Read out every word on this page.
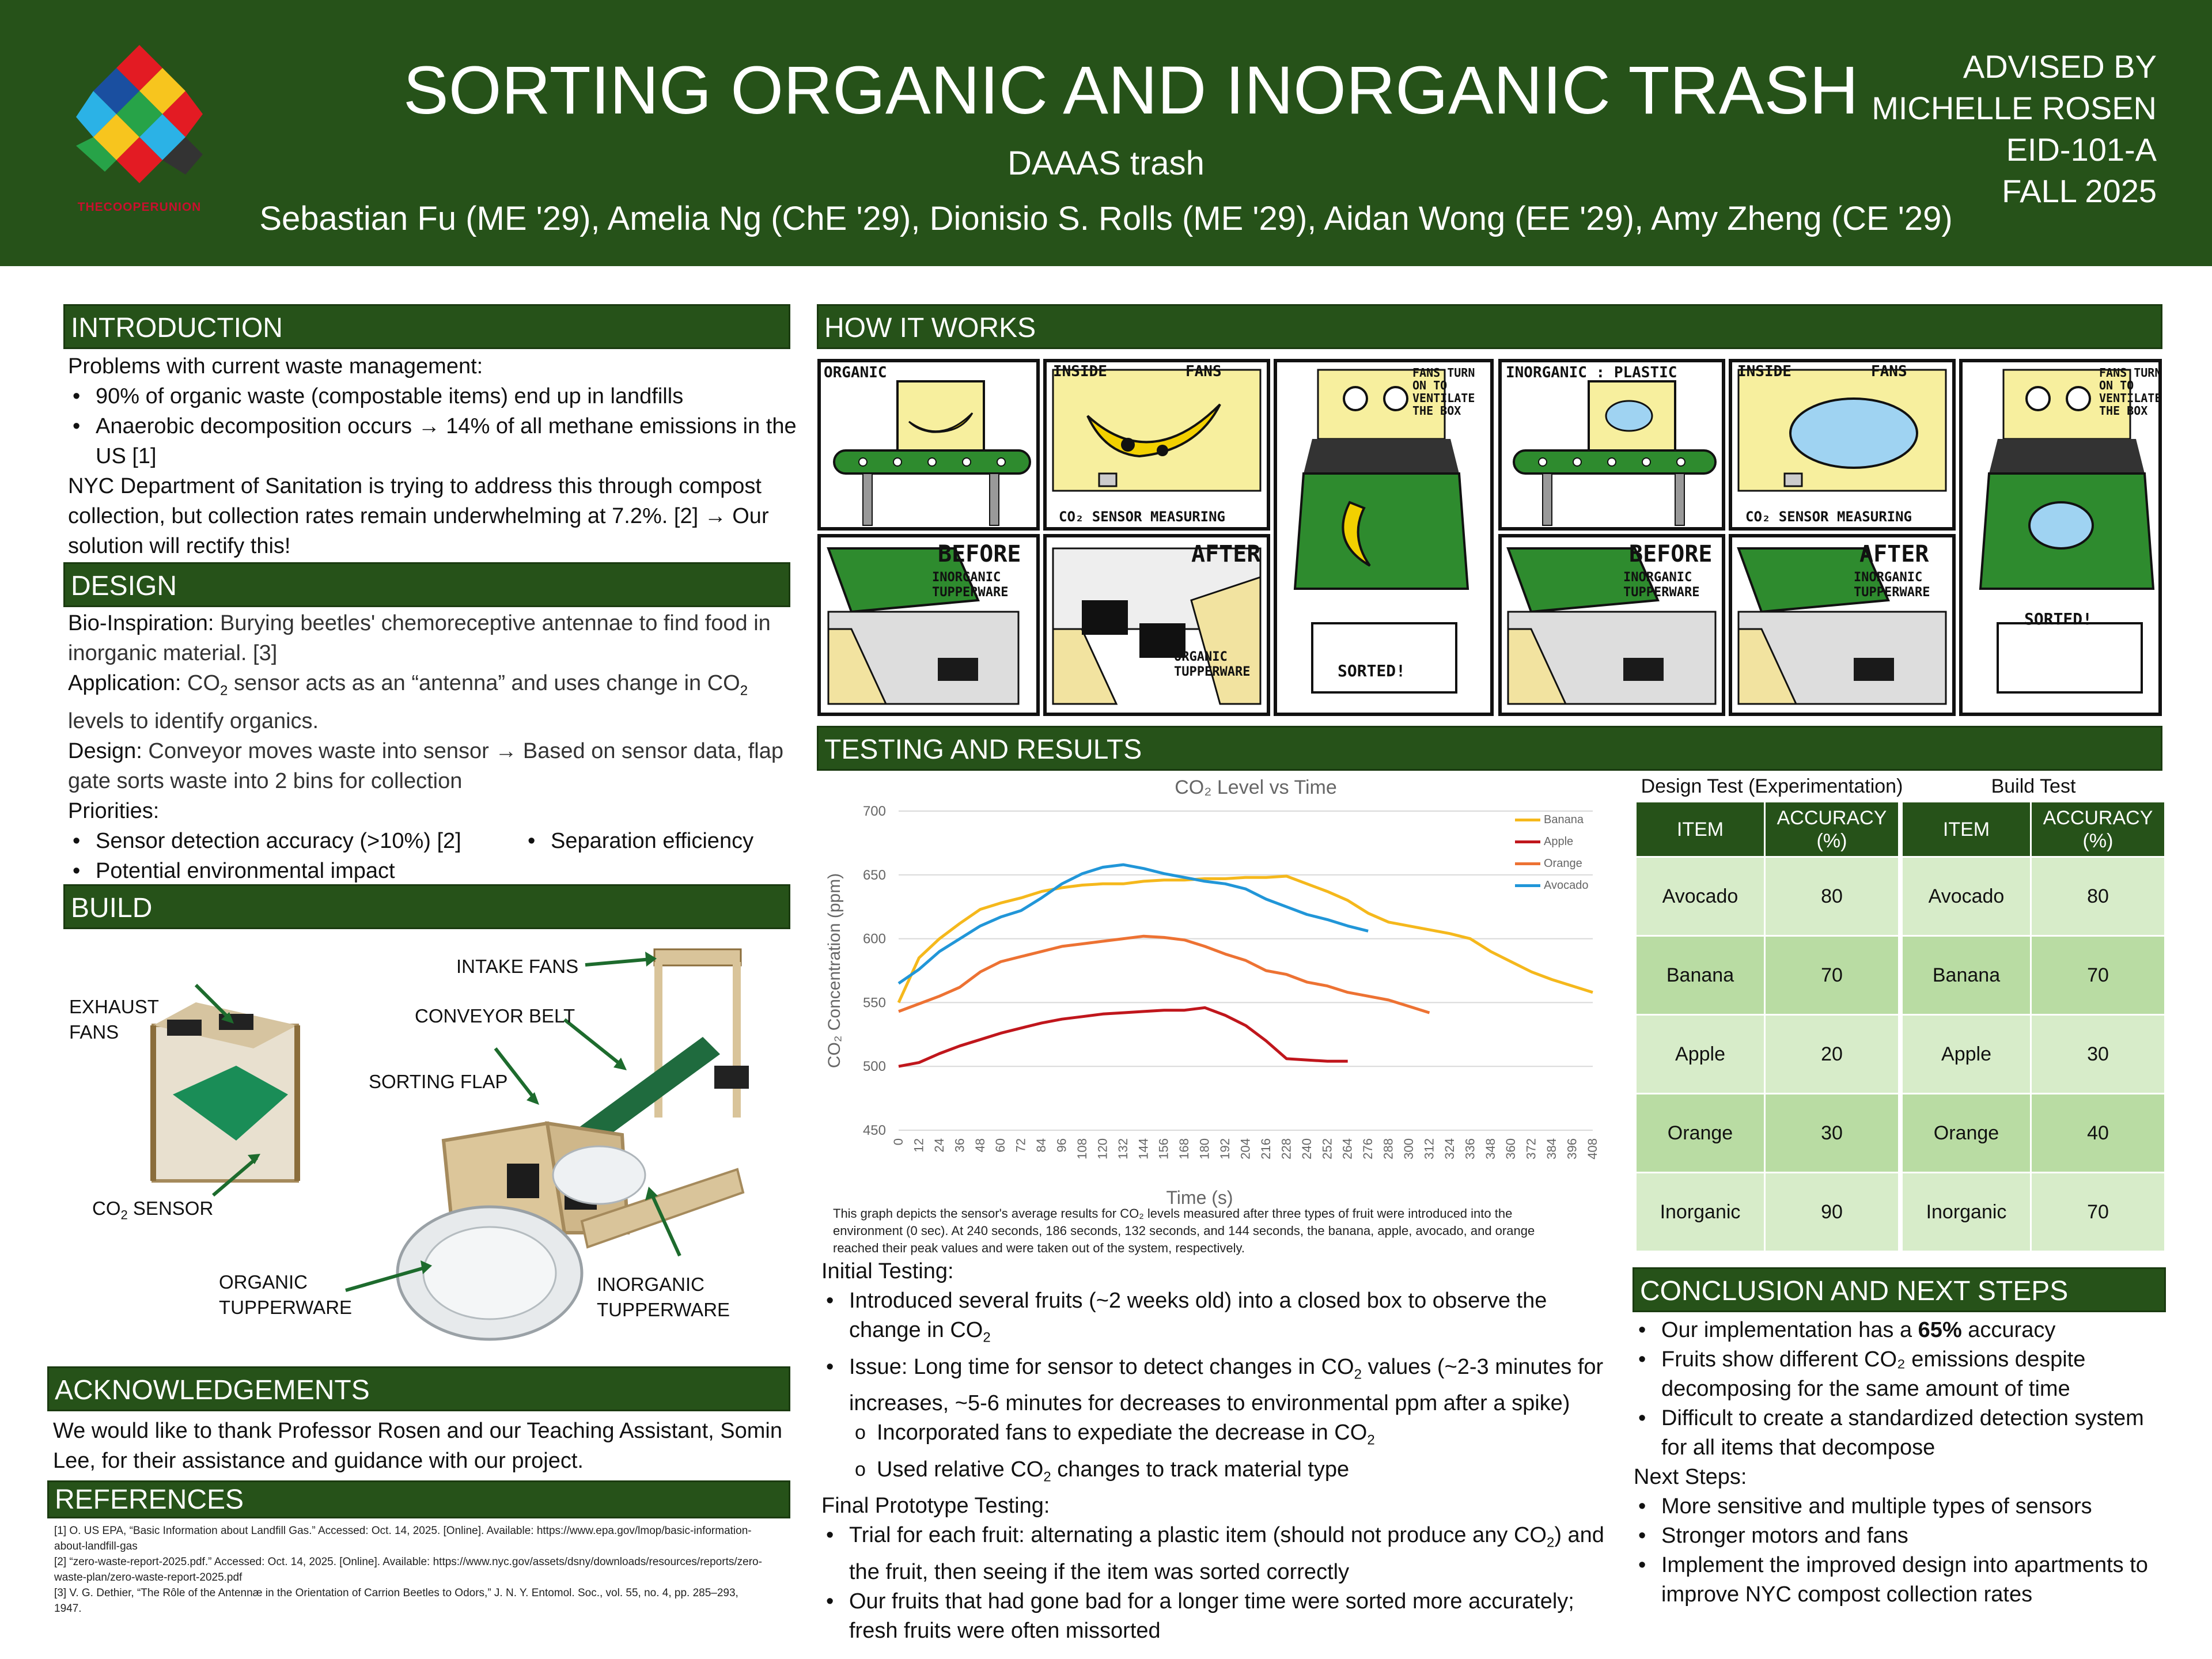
THECOOPERUNION
SORTING ORGANIC AND INORGANIC TRASH
DAAAS trash
Sebastian Fu (ME '29), Amelia Ng (ChE '29), Dionisio S. Rolls (ME '29), Aidan Wong (EE '29), Amy Zheng (CE '29)
ADVISED BY
MICHELLE ROSEN
EID-101-A
FALL 2025
INTRODUCTION
Problems with current waste management:
• 90% of organic waste (compostable items) end up in landfills
• Anaerobic decomposition occurs → 14% of all methane emissions in the US [1]
NYC Department of Sanitation is trying to address this through compost collection, but collection rates remain underwhelming at 7.2%. [2] → Our solution will rectify this!
DESIGN
Bio-Inspiration: Burying beetles' chemoreceptive antennae to find food in inorganic material. [3]
Application: $CO_2$ sensor acts as an “antenna” and uses change in $CO_2$ levels to identify organics.
Design: Conveyor moves waste into sensor → Based on sensor data, flap gate sorts waste into 2 bins for collection
Priorities:
• Sensor detection accuracy (>10%) [2]
• Potential environmental impact
• Separation efficiency
BUILD
INTAKE FANS
EXHAUST
FANS
CONVEYOR BELT
SORTING FLAP
$CO_2$ SENSOR
ORGANIC
TUPPERWARE
INORGANIC
TUPPERWARE
ACKNOWLEDGEMENTS
We would like to thank Professor Rosen and our Teaching Assistant, Somin Lee, for their assistance and guidance with our project.
REFERENCES
[1] O. US EPA, “Basic Information about Landfill Gas.” Accessed: Oct. 14, 2025. [Online]. Available: https://www.epa.gov/lmop/basic-information-about-landfill-gas
[2] “zero-waste-report-2025.pdf.” Accessed: Oct. 14, 2025. [Online]. Available: https://www.nyc.gov/assets/dsny/downloads/resources/reports/zero-waste-plan/zero-waste-report-2025.pdf
[3] V. G. Dethier, “The Rôle of the Antennæ in the Orientation of Carrion Beetles to Odors,” J. N. Y. Entomol. Soc., vol. 55, no. 4, pp. 285–293, 1947.
HOW IT WORKS
ORGANIC	INSIDE	FANS
CO₂ SENSOR MEASURING
FANS TURN
ON TO
VENTILATE
THE BOX
BEFORE
INORGANIC
TUPPERWARE
AFTER
ORGANIC
TUPPERWARE	SORTED!
INORGANIC : PLASTIC	INSIDE	FANS
CO₂ SENSOR MEASURING
FANS TURN
ON TO
VENTILATE
THE BOX
BEFORE
INORGANIC
TUPPERWARE
AFTER
INORGANIC
TUPPERWARE
SORTED!
TESTING AND RESULTS
CO₂ Level vs Time
450
500
550
600
650
700
0 12 24 36 48 60 72 84 96 108 120 132 144 156 168 180 192 204 216 228 240 252 264 276 288 300 312 324 336 348 360 372 384 396 408
Time (s)
CO₂ Concentration (ppm)
Banana
Apple
Orange
Avocado
This graph depicts the sensor's average results for CO₂ levels measured after three types of fruit were introduced into the environment (0 sec). At 240 seconds, 186 seconds, 132 seconds, and 144 seconds, the banana, apple, avocado, and orange reached their peak values and were taken out of the system, respectively.
Initial Testing:
• Introduced several fruits (~2 weeks old) into a closed box to observe the change in $CO_2$
• Issue: Long time for sensor to detect changes in $CO_2$ values (~2-3 minutes for increases, ~5-6 minutes for decreases to environmental ppm after a spike)
o Incorporated fans to expediate the decrease in $CO_2$
o Used relative $CO_2$ changes to track material type
Final Prototype Testing:
• Trial for each fruit: alternating a plastic item (should not produce any $CO_2$) and the fruit, then seeing if the item was sorted correctly
• Our fruits that had gone bad for a longer time were sorted more accurately; fresh fruits were often missorted
Design Test (Experimentation)	Build Test
ITEM	ACCURACY
(%)
Avocado	80
Banana	70
Apple	20
Orange	30
Inorganic	90
ITEM	ACCURACY
(%)
Avocado	80
Banana	70
Apple	30
Orange	40
Inorganic	70
CONCLUSION AND NEXT STEPS
• Our implementation has a 65% accuracy
• Fruits show different CO₂ emissions despite decomposing for the same amount of time
• Difficult to create a standardized detection system for all items that decompose
Next Steps:
• More sensitive and multiple types of sensors
• Stronger motors and fans
• Implement the improved design into apartments to improve NYC compost collection rates
